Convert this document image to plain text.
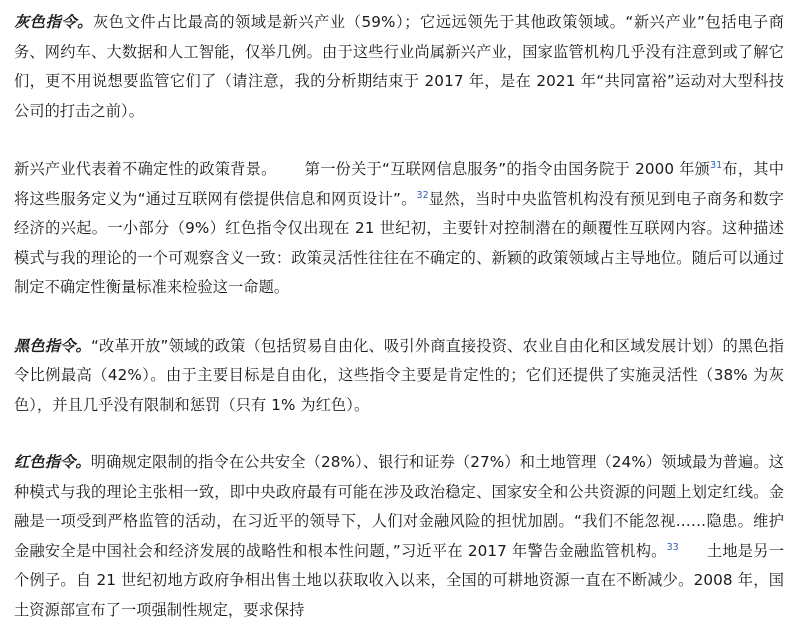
灰色指令。灰色文件占比最高的领域是新兴产业（59%）；它远远领先于其他政策领域。“新兴产业”包括电子商务、网约车、大数据和人工智能，仅举几例。由于这些行业尚属新兴产业，国家监管机构几乎没有注意到或了解它们，更不用说想要监管它们了（请注意，我的分析期结束于 2017 年，是在 2021 年“共同富裕”运动对大型科技公司的打击之前）。

新兴产业代表着不确定性的政策背景。 第一份关于“互联网信息服务”的指令由国务院于 2000 年颁$^{31}$布，其中将这些服务定义为“通过互联网有偿提供信息和网页设计”。$^{32}$显然，当时中央监管机构没有预见到电子商务和数字经济的兴起。一小部分（9%）红色指令仅出现在 21 世纪初，主要针对控制潜在的颠覆性互联网内容。这种描述模式与我的理论的一个可观察含义一致：政策灵活性往往在不确定的、新颖的政策领域占主导地位。随后可以通过制定不确定性衡量标准来检验这一命题。

黑色指令。“改革开放”领域的政策（包括贸易自由化、吸引外商直接投资、农业自由化和区域发展计划）的黑色指令比例最高（42%）。由于主要目标是自由化，这些指令主要是肯定性的；它们还提供了实施灵活性（38% 为灰色），并且几乎没有限制和惩罚（只有 1% 为红色）。

红色指令。明确规定限制的指令在公共安全（28%）、银行和证券（27%）和土地管理（24%）领域最为普遍。这种模式与我的理论主张相一致，即中央政府最有可能在涉及政治稳定、国家安全和公共资源的问题上划定红线。金融是一项受到严格监管的活动，在习近平的领导下，人们对金融风险的担忧加剧。“我们不能忽视……隐患。维护金融安全是中国社会和经济发展的战略性和根本性问题，”习近平在 2017 年警告金融监管机构。$^{33}$ 土地是另一个例子。自 21 世纪初地方政府争相出售土地以获取收入以来，全国的可耕地资源一直在不断减少。2008 年，国土资源部宣布了一项强制性规定，要求保持
